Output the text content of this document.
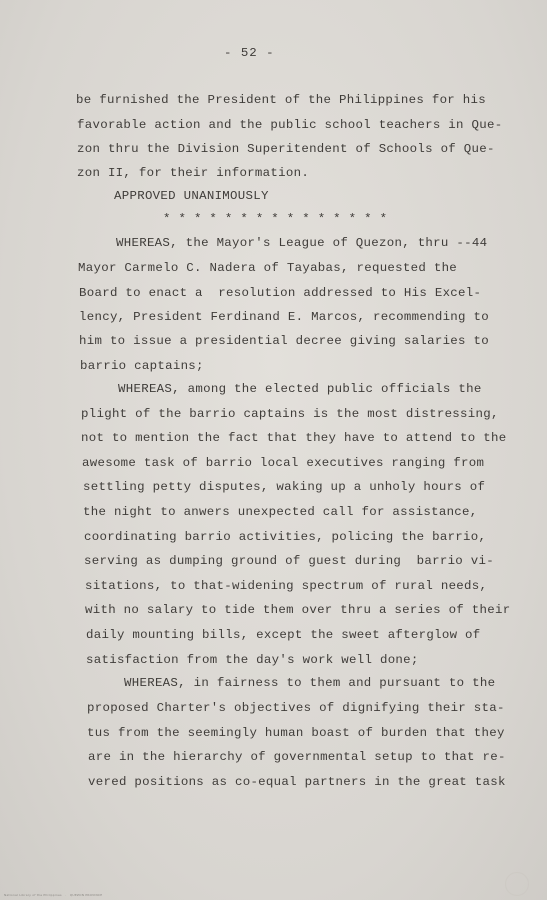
- 52 -
be furnished the President of the Philippines for his
favorable action and the public school teachers in Que-
zon thru the Division Superitendent of Schools of Que-
zon II, for their information.
APPROVED UNANIMOUSLY
* * * * * * * * * * * * * * *
WHEREAS, the Mayor's League of Quezon, thru --44
Mayor Carmelo C. Nadera of Tayabas, requested the
Board to enact a  resolution addressed to His Excel-
lency, President Ferdinand E. Marcos, recommending to
him to issue a presidential decree giving salaries to
barrio captains;
WHEREAS, among the elected public officials the
plight of the barrio captains is the most distressing,
not to mention the fact that they have to attend to the
awesome task of barrio local executives ranging from
settling petty disputes, waking up a unholy hours of
the night to anwers unexpected call for assistance,
coordinating barrio activities, policing the barrio,
serving as dumping ground of guest during  barrio vi-
sitations, to that-widening spectrum of rural needs,
with no salary to tide them over thru a series of their
daily mounting bills, except the sweet afterglow of
satisfaction from the day's work well done;
WHEREAS, in fairness to them and pursuant to the
proposed Charter's objectives of dignifying their sta-
tus from the seemingly human boast of burden that they
are in the hierarchy of governmental setup to that re-
vered positions as co-equal partners in the great task
National Library of the Philippines   ·   QUEZON PROVINCE
